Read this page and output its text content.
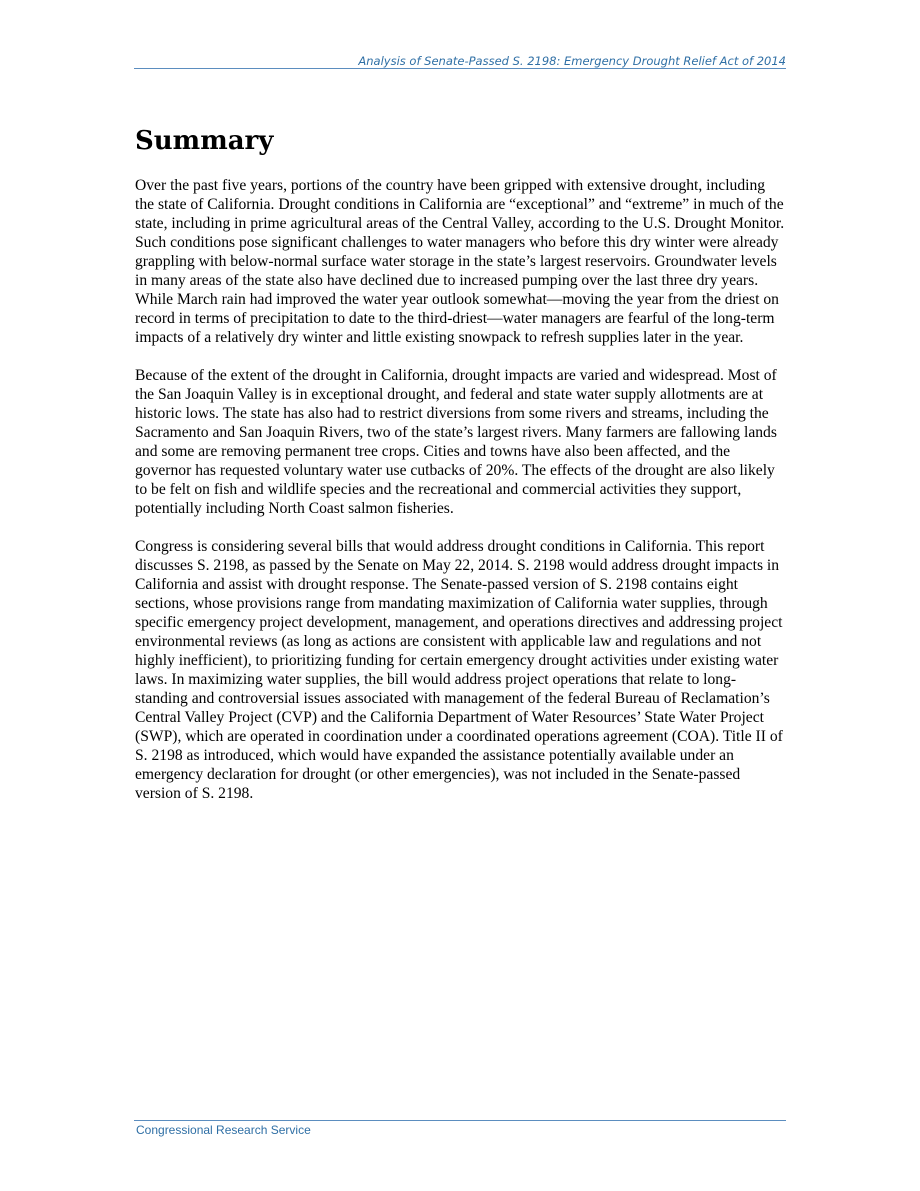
Analysis of Senate-Passed S. 2198: Emergency Drought Relief Act of 2014
Summary

Over the past five years, portions of the country have been gripped with extensive drought, including the state of California. Drought conditions in California are “exceptional” and “extreme” in much of the state, including in prime agricultural areas of the Central Valley, according to the U.S. Drought Monitor. Such conditions pose significant challenges to water managers who before this dry winter were already grappling with below-normal surface water storage in the state’s largest reservoirs. Groundwater levels in many areas of the state also have declined due to increased pumping over the last three dry years. While March rain had improved the water year outlook somewhat—moving the year from the driest on record in terms of precipitation to date to the third-driest—water managers are fearful of the long-term impacts of a relatively dry winter and little existing snowpack to refresh supplies later in the year.

Because of the extent of the drought in California, drought impacts are varied and widespread. Most of the San Joaquin Valley is in exceptional drought, and federal and state water supply allotments are at historic lows. The state has also had to restrict diversions from some rivers and streams, including the Sacramento and San Joaquin Rivers, two of the state’s largest rivers. Many farmers are fallowing lands and some are removing permanent tree crops. Cities and towns have also been affected, and the governor has requested voluntary water use cutbacks of 20%. The effects of the drought are also likely to be felt on fish and wildlife species and the recreational and commercial activities they support, potentially including North Coast salmon fisheries.

Congress is considering several bills that would address drought conditions in California. This report discusses S. 2198, as passed by the Senate on May 22, 2014. S. 2198 would address drought impacts in California and assist with drought response. The Senate-passed version of S. 2198 contains eight sections, whose provisions range from mandating maximization of California water supplies, through specific emergency project development, management, and operations directives and addressing project environmental reviews (as long as actions are consistent with applicable law and regulations and not highly inefficient), to prioritizing funding for certain emergency drought activities under existing water laws. In maximizing water supplies, the bill would address project operations that relate to long-standing and controversial issues associated with management of the federal Bureau of Reclamation’s Central Valley Project (CVP) and the California Department of Water Resources’ State Water Project (SWP), which are operated in coordination under a coordinated operations agreement (COA). Title II of S. 2198 as introduced, which would have expanded the assistance potentially available under an emergency declaration for drought (or other emergencies), was not included in the Senate-passed version of S. 2198.

Congressional Research Service
